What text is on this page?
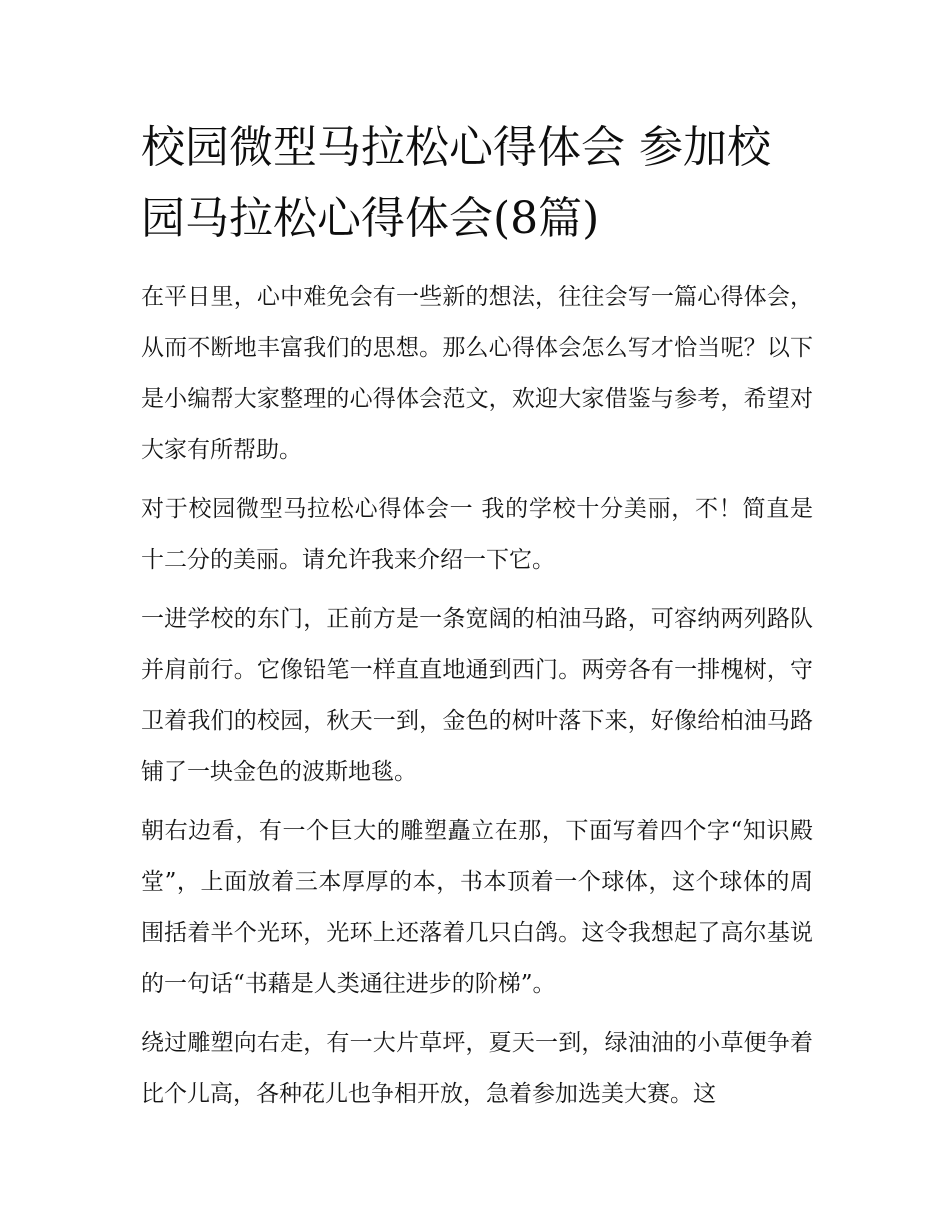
校园微型马拉松心得体会 参加校园马拉松心得体会(8篇)

在平日里，心中难免会有一些新的想法，往往会写一篇心得体会，从而不断地丰富我们的思想。那么心得体会怎么写才恰当呢？以下是小编帮大家整理的心得体会范文，欢迎大家借鉴与参考，希望对大家有所帮助。

对于校园微型马拉松心得体会一 我的学校十分美丽，不！简直是十二分的美丽。请允许我来介绍一下它。

一进学校的东门，正前方是一条宽阔的柏油马路，可容纳两列路队并肩前行。它像铅笔一样直直地通到西门。两旁各有一排槐树，守卫着我们的校园，秋天一到，金色的树叶落下来，好像给柏油马路铺了一块金色的波斯地毯。

朝右边看，有一个巨大的雕塑矗立在那，下面写着四个字“知识殿堂”，上面放着三本厚厚的本，书本顶着一个球体，这个球体的周围括着半个光环，光环上还落着几只白鸽。这令我想起了高尔基说的一句话“书藉是人类通往进步的阶梯”。

绕过雕塑向右走，有一大片草坪，夏天一到，绿油油的小草便争着比个儿高，各种花儿也争相开放，急着参加选美大赛。这
